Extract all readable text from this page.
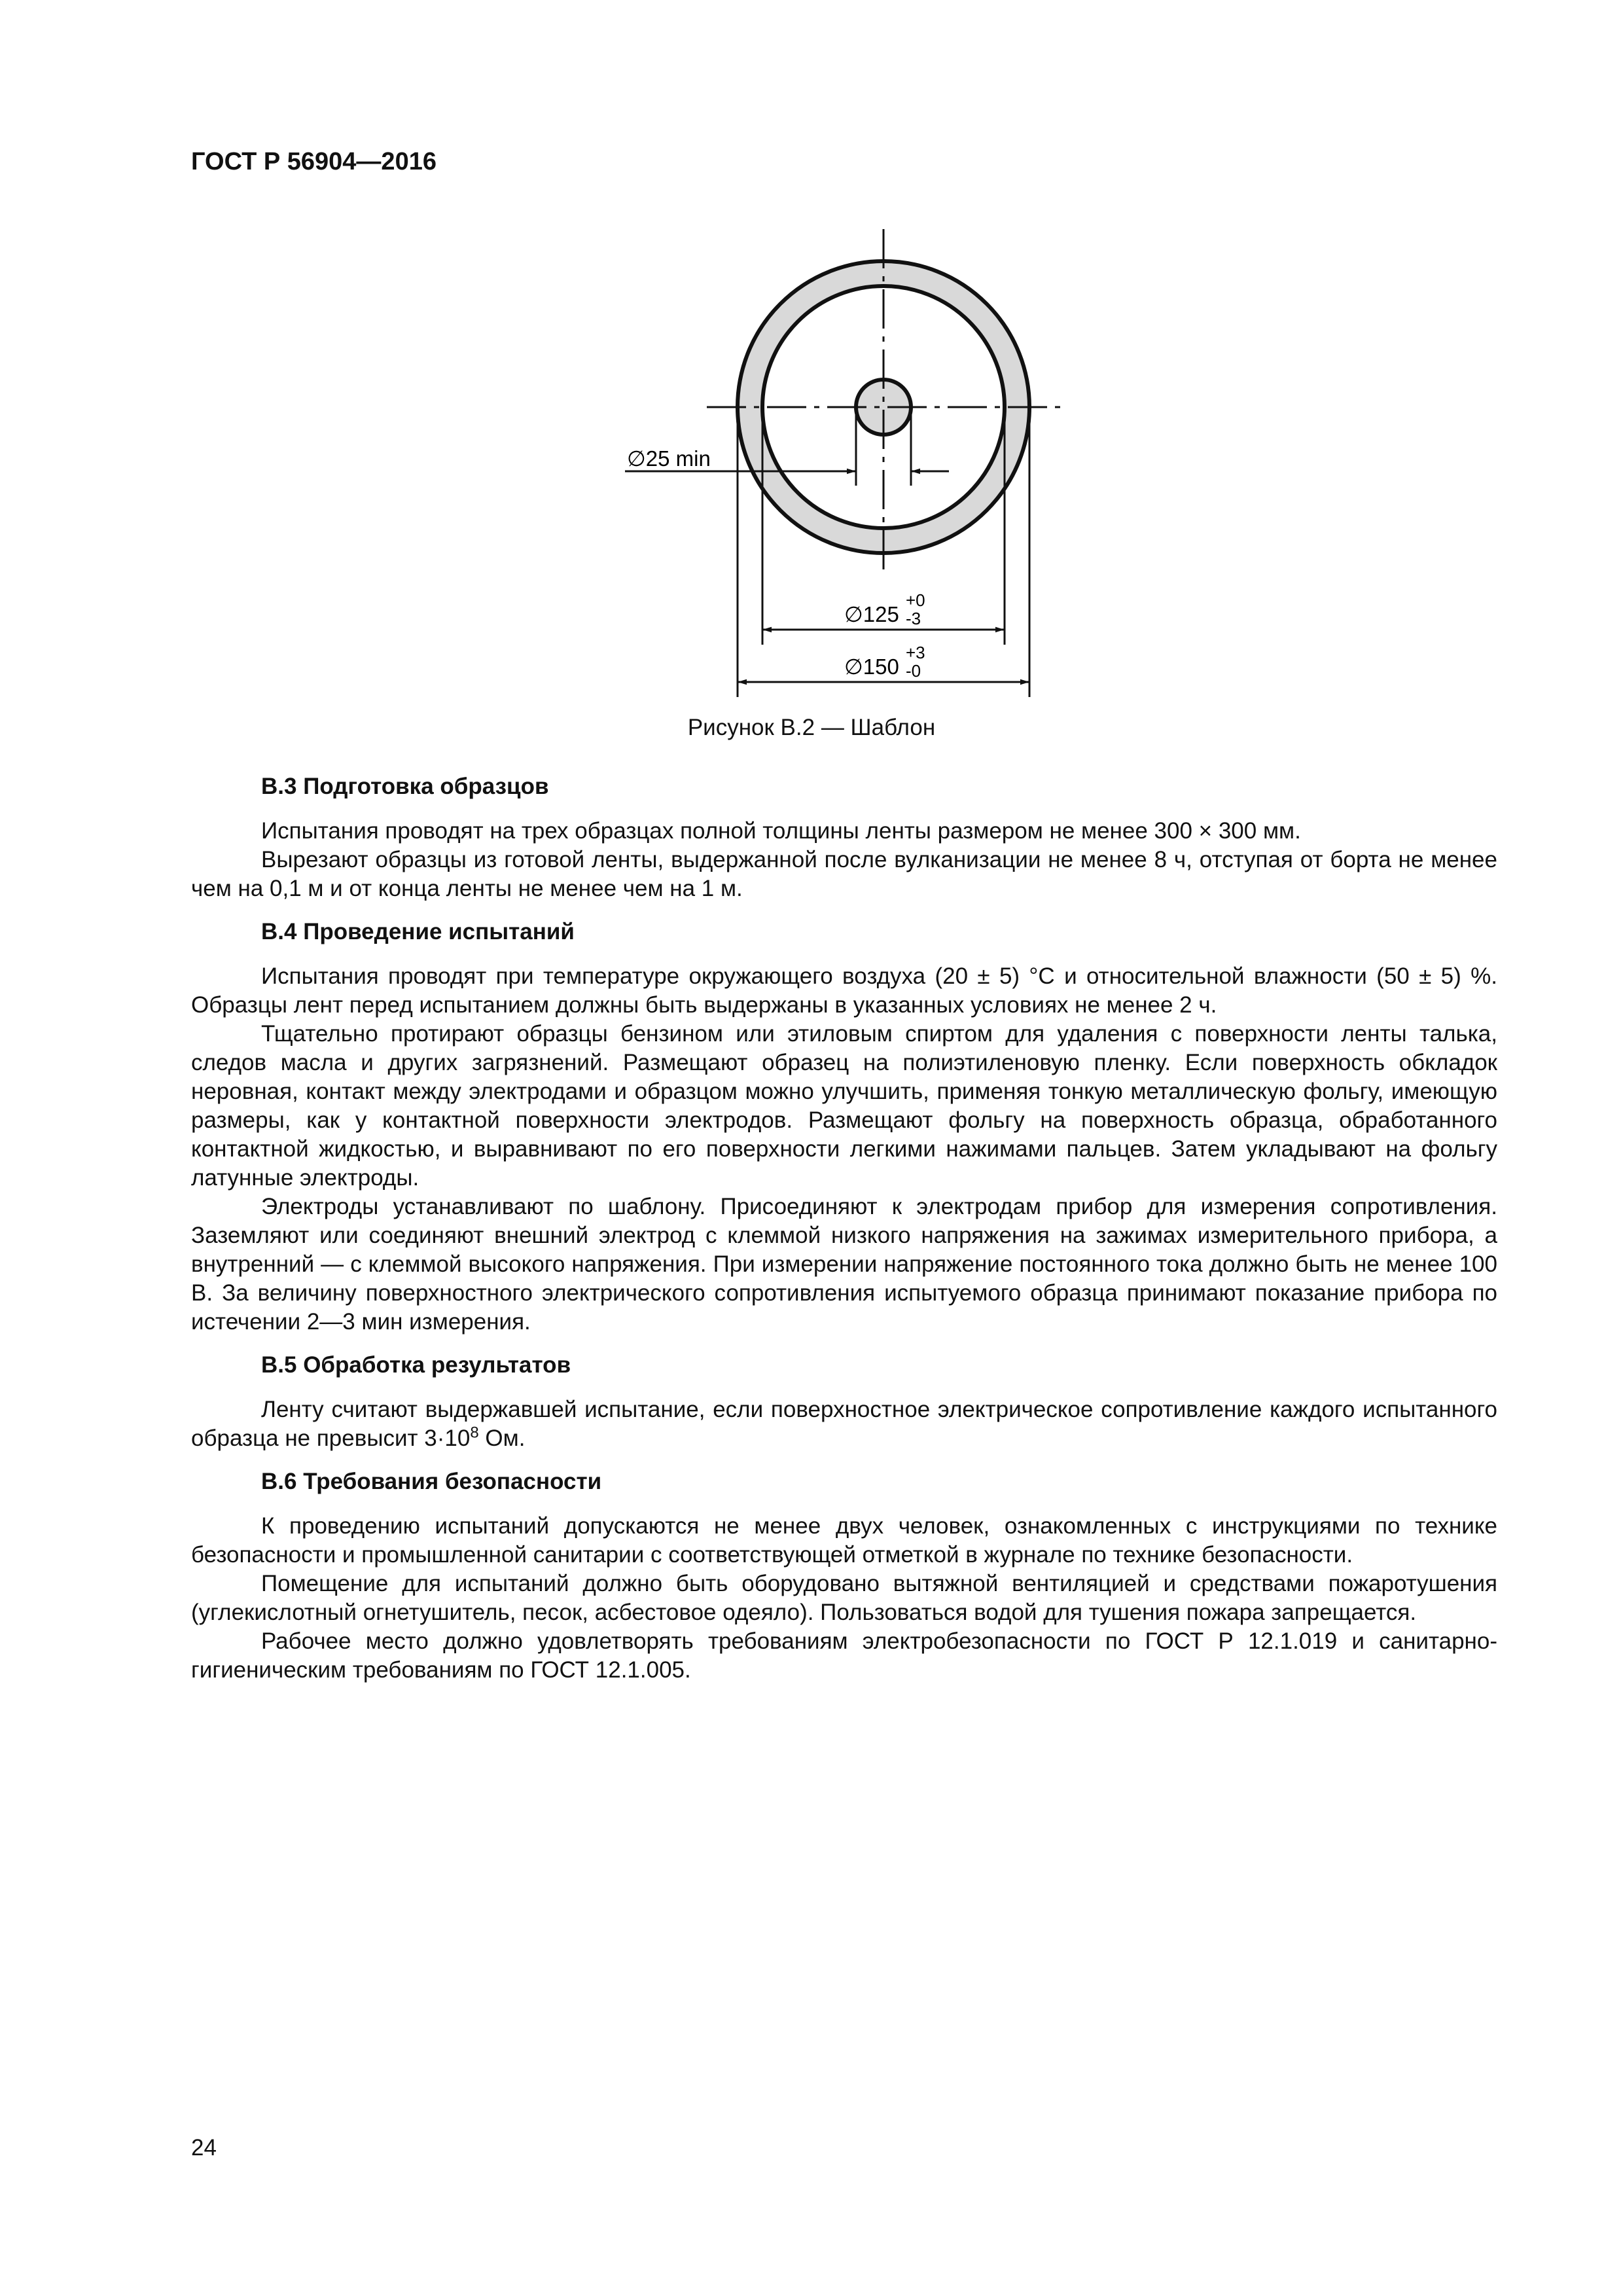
ГОСТ Р 56904—2016
∅25 min
∅125
+0
-3
∅150
+3
-0
Рисунок В.2 — Шаблон
В.3 Подготовка образцов

Испытания проводят на трех образцах полной толщины ленты размером не менее 300 × 300 мм.

Вырезают образцы из готовой ленты, выдержанной после вулканизации не менее 8 ч, отступая от борта не менее чем на 0,1 м и от конца ленты не менее чем на 1 м.

В.4 Проведение испытаний

Испытания проводят при температуре окружающего воздуха (20 ± 5) °С и относительной влажности (50 ± 5) %. Образцы лент перед испытанием должны быть выдержаны в указанных условиях не менее 2 ч.

Тщательно протирают образцы бензином или этиловым спиртом для удаления с поверхности ленты талька, следов масла и других загрязнений. Размещают образец на полиэтиленовую пленку. Если поверхность обкладок неровная, контакт между электродами и образцом можно улучшить, применяя тонкую металлическую фольгу, имеющую размеры, как у контактной поверхности электродов. Размещают фольгу на поверхность образца, обработанного контактной жидкостью, и выравнивают по его поверхности легкими нажимами пальцев. Затем укладывают на фольгу латунные электроды.

Электроды устанавливают по шаблону. Присоединяют к электродам прибор для измерения сопротивления. Заземляют или соединяют внешний электрод с клеммой низкого напряжения на зажимах измерительного прибора, а внутренний — с клеммой высокого напряжения. При измерении напряжение постоянного тока должно быть не менее 100 В. За величину поверхностного электрического сопротивления испытуемого образца принимают показание прибора по истечении 2—3 мин измерения.

В.5 Обработка результатов

Ленту считают выдержавшей испытание, если поверхностное электрическое сопротивление каждого испытанного образца не превысит $3\cdot 10^8$ Ом.

В.6 Требования безопасности

К проведению испытаний допускаются не менее двух человек, ознакомленных с инструкциями по технике безопасности и промышленной санитарии с соответствующей отметкой в журнале по технике безопасности.

Помещение для испытаний должно быть оборудовано вытяжной вентиляцией и средствами пожаротушения (углекислотный огнетушитель, песок, асбестовое одеяло). Пользоваться водой для тушения пожара запрещается.

Рабочее место должно удовлетворять требованиям электробезопасности по ГОСТ Р 12.1.019 и санитарно-гигиеническим требованиям по ГОСТ 12.1.005.

24
